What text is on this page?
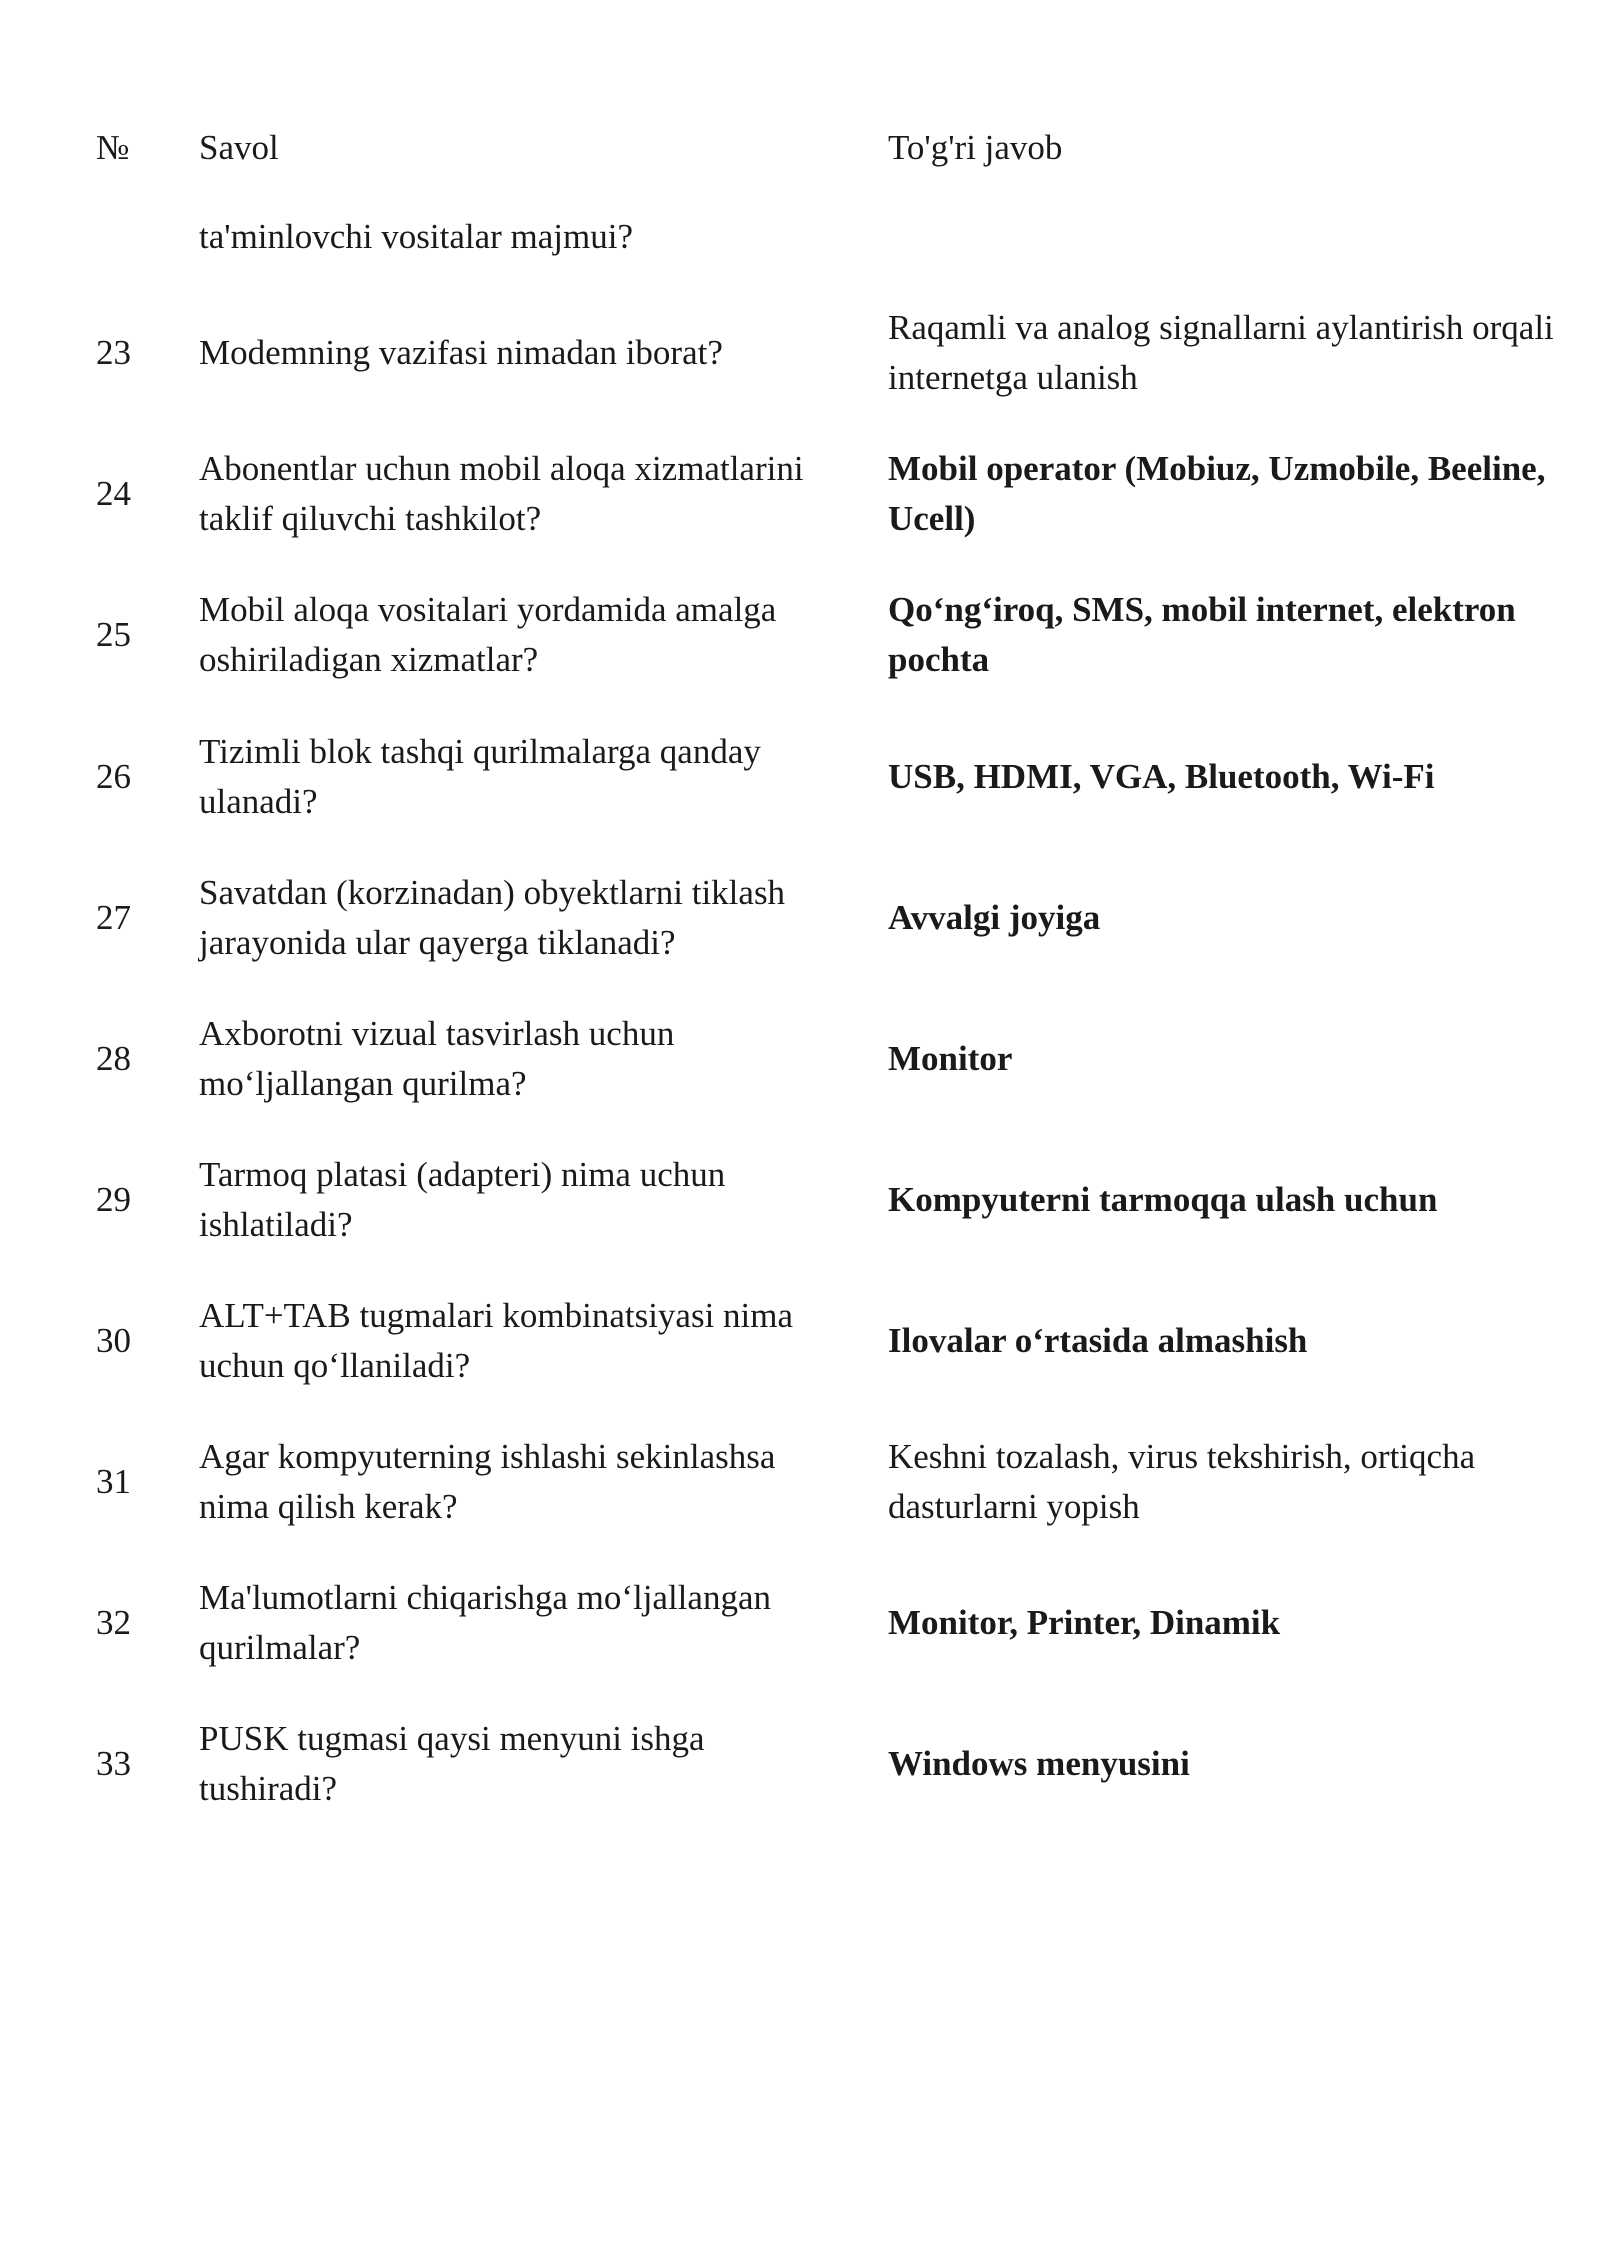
№ Savol	To'g'ri javob
ta'minlovchi vositalar majmui?
23 Modemning vazifasi nimadan iborat?
Raqamli va analog signallarni aylantirish orqali internetga ulanish
24
Abonentlar uchun mobil aloqa xizmatlarini taklif qiluvchi tashkilot?
Mobil operator (Mobiuz, Uzmobile, Beeline, Ucell)
25
Mobil aloqa vositalari yordamida amalga oshiriladigan xizmatlar?
Qo‘ng‘iroq, SMS, mobil internet, elektron pochta
26
Tizimli blok tashqi qurilmalarga qanday ulanadi?
USB, HDMI, VGA, Bluetooth, Wi-Fi
27
Savatdan (korzinadan) obyektlarni tiklash jarayonida ular qayerga tiklanadi?
Avvalgi joyiga
28
Axborotni vizual tasvirlash uchun mo‘ljallangan qurilma?
Monitor
29
Tarmoq platasi (adapteri) nima uchun ishlatiladi?
Kompyuterni tarmoqqa ulash uchun
30
ALT+TAB tugmalari kombinatsiyasi nima uchun qo‘llaniladi?
Ilovalar o‘rtasida almashish
31
Agar kompyuterning ishlashi sekinlashsa nima qilish kerak?
Keshni tozalash, virus tekshirish, ortiqcha dasturlarni yopish
32
Ma'lumotlarni chiqarishga mo‘ljallangan qurilmalar?
Monitor, Printer, Dinamik
33
PUSK tugmasi qaysi menyuni ishga tushiradi?
Windows menyusini
